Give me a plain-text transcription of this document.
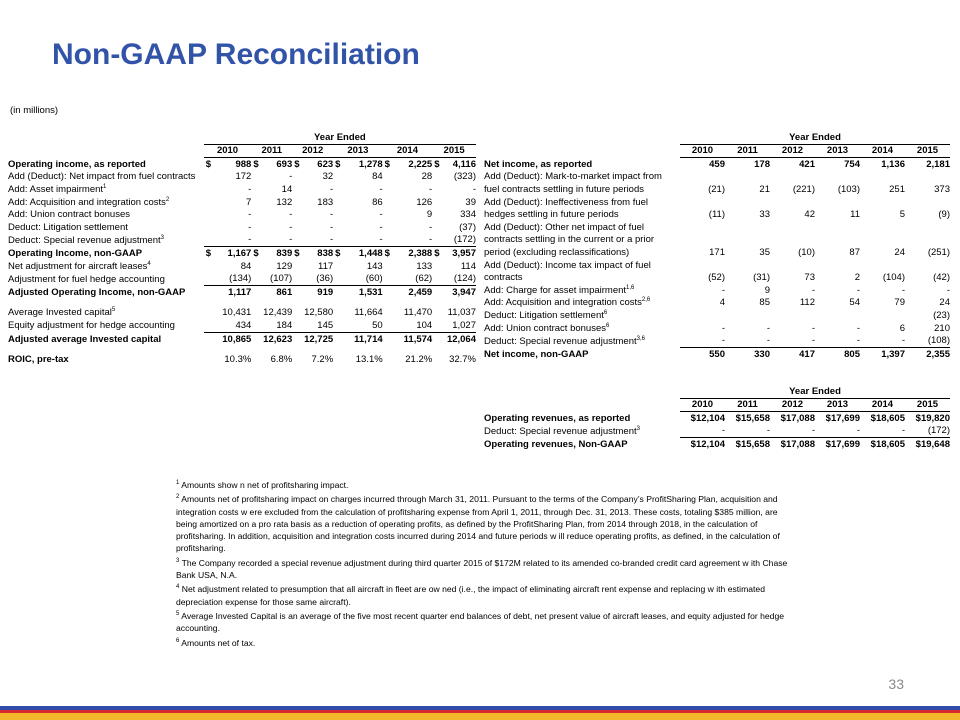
Non-GAAP Reconciliation
(in millions)
	Year Ended											
	2010		2011		2012		2013		2014		2015	
Operating income, as reported	$	988	$	693	$	623	$	1,278	$	2,225	$	4,116
Add (Deduct): Net impact from fuel contracts		172		-		32		84		28		(323)
Add: Asset impairment$^1$		-		14		-		-		-		-
Add: Acquisition and integration costs$^2$		7		132		183		86		126		39
Add: Union contract bonuses		-		-		-		-		9		334
Deduct: Litigation settlement		-		-		-		-		-		(37)
Deduct: Special revenue adjustment$^3$		-		-		-		-		-		(172)
Operating Income, non-GAAP	$	1,167	$	839	$	838	$	1,448	$	2,388	$	3,957
Net adjustment for aircraft leases$^4$		84		129		117		143		133		114
Adjustment for fuel hedge accounting		(134)		(107)		(36)		(60)		(62)		(124)
Adjusted Operating Income, non-GAAP		1,117		861		919		1,531		2,459		3,947

Average Invested capital$^5$		10,431		12,439		12,580		11,664		11,470		11,037
Equity adjustment for hedge accounting		434		184		145		50		104		1,027
Adjusted average Invested capital		10,865		12,623		12,725		11,714		11,574		12,064

ROIC, pre-tax		10.3%		6.8%		7.2%		13.1%		21.2%		32.7%
	Year Ended					
	2010	2011	2012	2013	2014	2015
Net income, as reported	459	178	421	754	1,136	2,181
Add (Deduct): Mark-to-market impact from						
fuel contracts settling in future periods	(21)	21	(221)	(103)	251	373
Add (Deduct): Ineffectiveness from fuel						
hedges settling in future periods	(11)	33	42	11	5	(9)
Add (Deduct): Other net impact of fuel						
contracts settling in the current or a prior						
period (excluding reclassifications)	171	35	(10)	87	24	(251)
Add (Deduct): Income tax impact of fuel						
contracts	(52)	(31)	73	2	(104)	(42)
Add: Charge for asset impairment$^{1,6}$	-	9	-	-	-	-
Add: Acquisition and integration costs$^{2,6}$	4	85	112	54	79	24
Deduct: Litigation settlement$^6$						(23)
Add: Union contract bonuses$^6$	-	-	-	-	6	210
Deduct: Special revenue adjustment$^{3,6}$	-	-	-	-	-	(108)
Net income, non-GAAP	550	330	417	805	1,397	2,355
	Year Ended					
	2010	2011	2012	2013	2014	2015
Operating revenues, as reported	$12,104	$15,658	$17,088	$17,699	$18,605	$19,820
Deduct: Special revenue adjustment$^3$	-	-	-	-	-	(172)
Operating revenues, Non-GAAP	$12,104	$15,658	$17,088	$17,699	$18,605	$19,648

$^1$ Amounts show n net of profitsharing impact.

$^2$ Amounts net of profitsharing impact on charges incurred through March 31, 2011. Pursuant to the terms of the Company’s ProfitSharing Plan, acquisition and integration costs w ere excluded from the calculation of profitsharing expense from April 1, 2011, through Dec. 31, 2013. These costs, totaling $385 million, are being amortized on a pro rata basis as a reduction of operating profits, as defined by the ProfitSharing Plan, from 2014 through 2018, in the calculation of profitsharing. In addition, acquisition and integration costs incurred during 2014 and future periods w ill reduce operating profits, as defined, in the calculation of profitsharing.

$^3$ The Company recorded a special revenue adjustment during third quarter 2015 of $172M related to its amended co-branded credit card agreement w ith Chase Bank USA, N.A.

$^4$ Net adjustment related to presumption that all aircraft in fleet are ow ned (i.e., the impact of eliminating aircraft rent expense and replacing w ith estimated depreciation expense for those same aircraft).

$^5$ Average Invested Capital is an average of the five most recent quarter end balances of debt, net present value of aircraft leases, and equity adjusted for hedge accounting.

$^6$ Amounts net of tax.

33
